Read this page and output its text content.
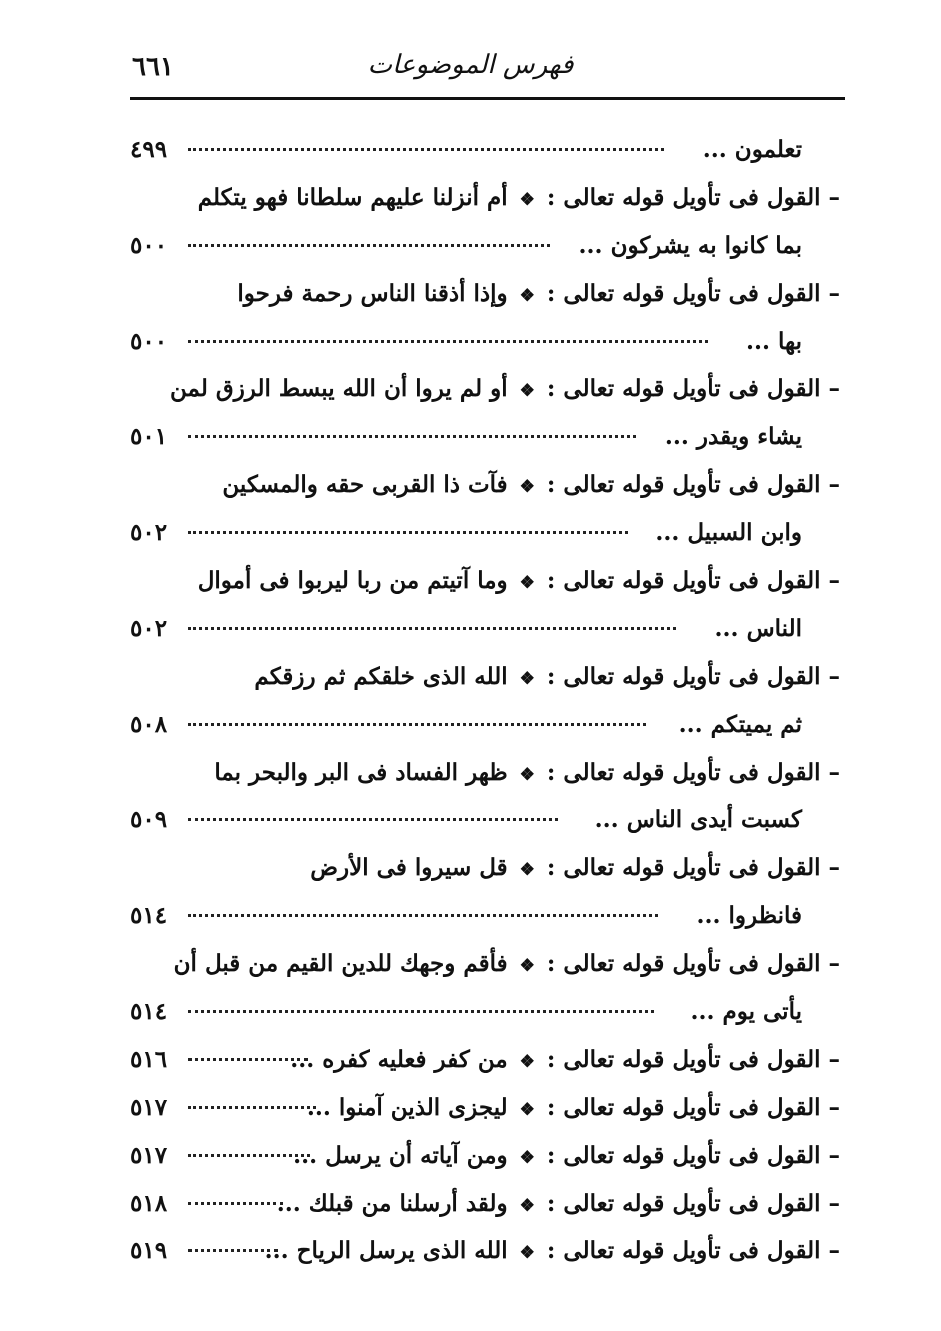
٦٦١	فهرس الموضوعات
تعلمون ...
٤٩٩
– القول فى تأويل قوله تعالى : ❖ أم أنزلنا عليهم سلطانا فهو يتكلم
بما كانوا به يشركون ...
٥٠٠
– القول فى تأويل قوله تعالى : ❖ وإذا أذقنا الناس رحمة فرحوا
بها ...
٥٠٠
– القول فى تأويل قوله تعالى : ❖ أو لم يروا أن الله يبسط الرزق لمن
يشاء ويقدر ...
٥٠١
– القول فى تأويل قوله تعالى : ❖ فآت ذا القربى حقه والمسكين
وابن السبيل ...
٥٠٢
– القول فى تأويل قوله تعالى : ❖ وما آتيتم من ربا ليربوا فى أموال
الناس ...
٥٠٢
– القول فى تأويل قوله تعالى : ❖ الله الذى خلقكم ثم رزقكم
ثم يميتكم ...
٥٠٨
– القول فى تأويل قوله تعالى : ❖ ظهر الفساد فى البر والبحر بما
كسبت أيدى الناس ...
٥٠٩
– القول فى تأويل قوله تعالى : ❖ قل سيروا فى الأرض
فانظروا ...
٥١٤
– القول فى تأويل قوله تعالى : ❖ فأقم وجهك للدين القيم من قبل أن
يأتى يوم ...
٥١٤
– القول فى تأويل قوله تعالى : ❖ من كفر فعليه كفره ...
٥١٦
– القول فى تأويل قوله تعالى : ❖ ليجزى الذين آمنوا ...
٥١٧
– القول فى تأويل قوله تعالى : ❖ ومن آياته أن يرسل ...
٥١٧
– القول فى تأويل قوله تعالى : ❖ ولقد أرسلنا من قبلك ...
٥١٨
– القول فى تأويل قوله تعالى : ❖ الله الذى يرسل الرياح ...
٥١٩
